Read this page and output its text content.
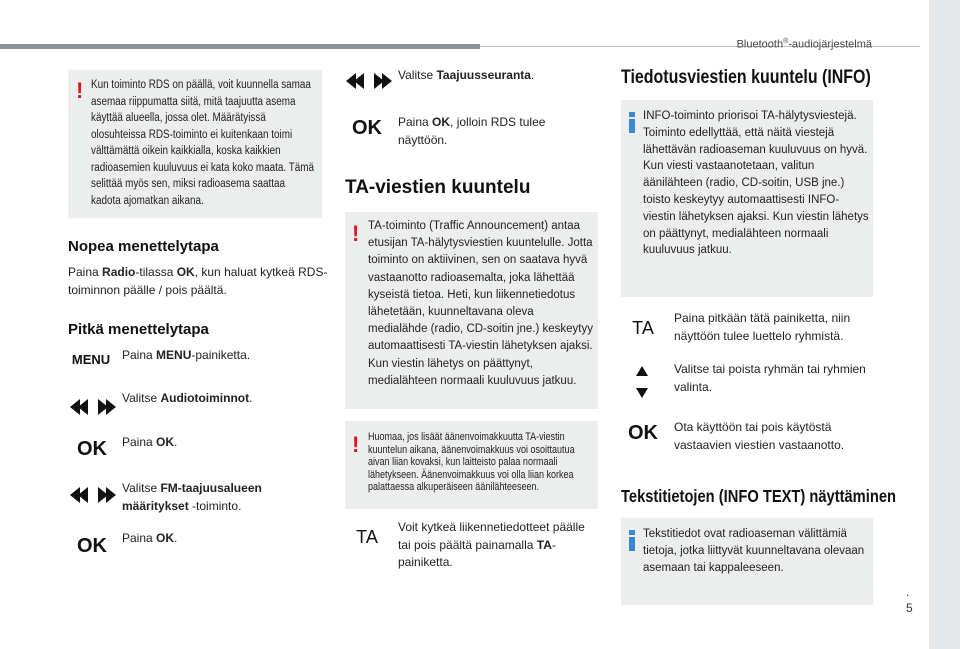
Bluetooth®-audiojärjestelmä
! Kun toiminto RDS on päällä, voit kuunnella samaa asemaa riippumatta siitä, mitä taajuutta asema käyttää alueella, jossa olet. Määrätyissä olosuhteissa RDS-toiminto ei kuitenkaan toimi välttämättä oikein kaikkialla, koska kaikkien radioasemien kuuluvuus ei kata koko maata. Tämä selittää myös sen, miksi radioasema saattaa kadota ajomatkan aikana.
Nopea menettelytapa
Paina Radio-tilassa OK, kun haluat kytkeä RDS-toiminnon päälle / pois päältä.
Pitkä menettelytapa
MENU Paina MENU-painiketta.
Valitse Audiotoiminnot.
OK	Paina OK.
Valitse FM-taajuusalueen määritykset -toiminto.
OK	Paina OK.
Valitse Taajuusseuranta.
OK	Paina OK, jolloin RDS tulee näyttöön.
TA-viestien kuuntelu
! TA-toiminto (Traffic Announcement) antaa etusijan TA-hälytysviestien kuuntelulle. Jotta toiminto on aktiivinen, sen on saatava hyvä vastaanotto radioasemalta, joka lähettää kyseistä tietoa. Heti, kun liikennetiedotus lähetetään, kuunneltavana oleva medialähde (radio, CD-soitin jne.) keskeytyy automaattisesti TA-viestin lähetyksen ajaksi. Kun viestin lähetys on päättynyt, medialähteen normaali kuuluvuus jatkuu.
! Huomaa, jos lisäät äänenvoimakkuutta TA-viestin kuuntelun aikana, äänenvoimakkuus voi osoittautua aivan liian kovaksi, kun laitteisto palaa normaali lähetykseen. Äänenvoimakkuus voi olla liian korkea palattaessa alkuperäiseen äänilähteeseen.
TA	Voit kytkeä liikennetiedotteet päälle tai pois päältä painamalla TA-painiketta.
Tiedotusviestien kuuntelu (INFO)
INFO-toiminto priorisoi TA-hälytysviestejä. Toiminto edellyttää, että näitä viestejä lähettävän radioaseman kuuluvuus on hyvä. Kun viesti vastaanotetaan, valitun äänilähteen (radio, CD-soitin, USB jne.) toisto keskeytyy automaattisesti INFO-viestin lähetyksen ajaksi. Kun viestin lähetys on päättynyt, medialähteen normaali kuuluvuus jatkuu.
TA	Paina pitkään tätä painiketta, niin näyttöön tulee luettelo ryhmistä.
Valitse tai poista ryhmän tai ryhmien valinta.
OK	Ota käyttöön tai pois käytöstä vastaavien viestien vastaanotto.
Tekstitietojen (INFO TEXT) näyttäminen
Tekstitiedot ovat radioaseman välittämiä tietoja, jotka liittyvät kuunneltavana olevaan asemaan tai kappaleeseen.
.
5
